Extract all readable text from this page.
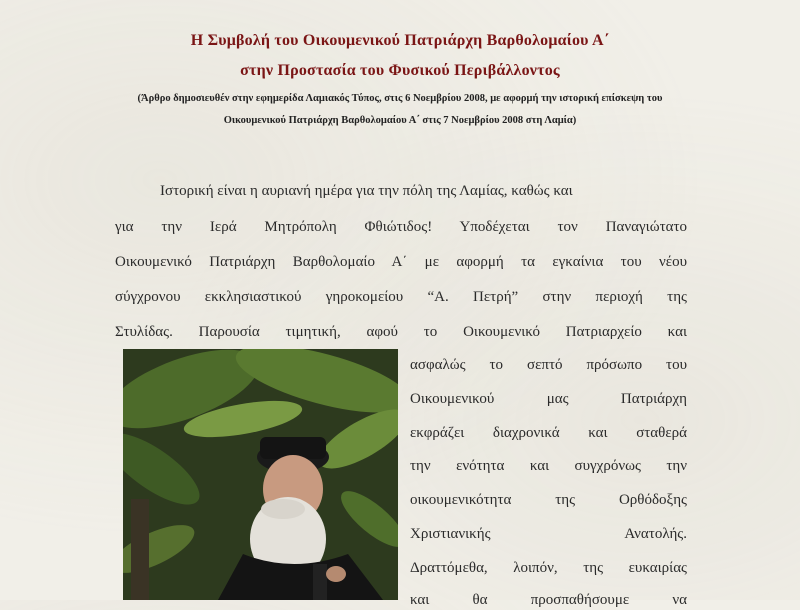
Η Συμβολή του Οικουμενικού Πατριάρχη Βαρθολομαίου Α΄
στην Προστασία του Φυσικού Περιβάλλοντος
(Άρθρο δημοσιευθέν στην εφημερίδα Λαμιακός Τύπος, στις 6 Νοεμβρίου 2008, με αφορμή την ιστορική επίσκεψη του Οικουμενικού Πατριάρχη Βαρθολομαίου Α΄ στις 7 Νοεμβρίου 2008 στη Λαμία)
Ιστορική είναι η αυριανή ημέρα για την πόλη της Λαμίας, καθώς και
για την Ιερά Μητρόπολη Φθιώτιδος! Υποδέχεται τον Παναγιώτατο
Οικουμενικό Πατριάρχη Βαρθολομαίο Α΄ με αφορμή τα εγκαίνια του νέου
σύγχρονου εκκλησιαστικού γηροκομείου “Α. Πετρή” στην περιοχή της
Στυλίδας. Παρουσία τιμητική, αφού το Οικουμενικό Πατριαρχείο και
ασφαλώς το σεπτό πρόσωπο του
Οικουμενικού μας Πατριάρχη
εκφράζει διαχρονικά και σταθερά
την ενότητα και συγχρόνως την
οικουμενικότητα της Ορθόδοξης
Χριστιανικής Ανατολής.
Δραττόμεθα, λοιπόν, της ευκαιρίας
και θα προσπαθήσουμε να
